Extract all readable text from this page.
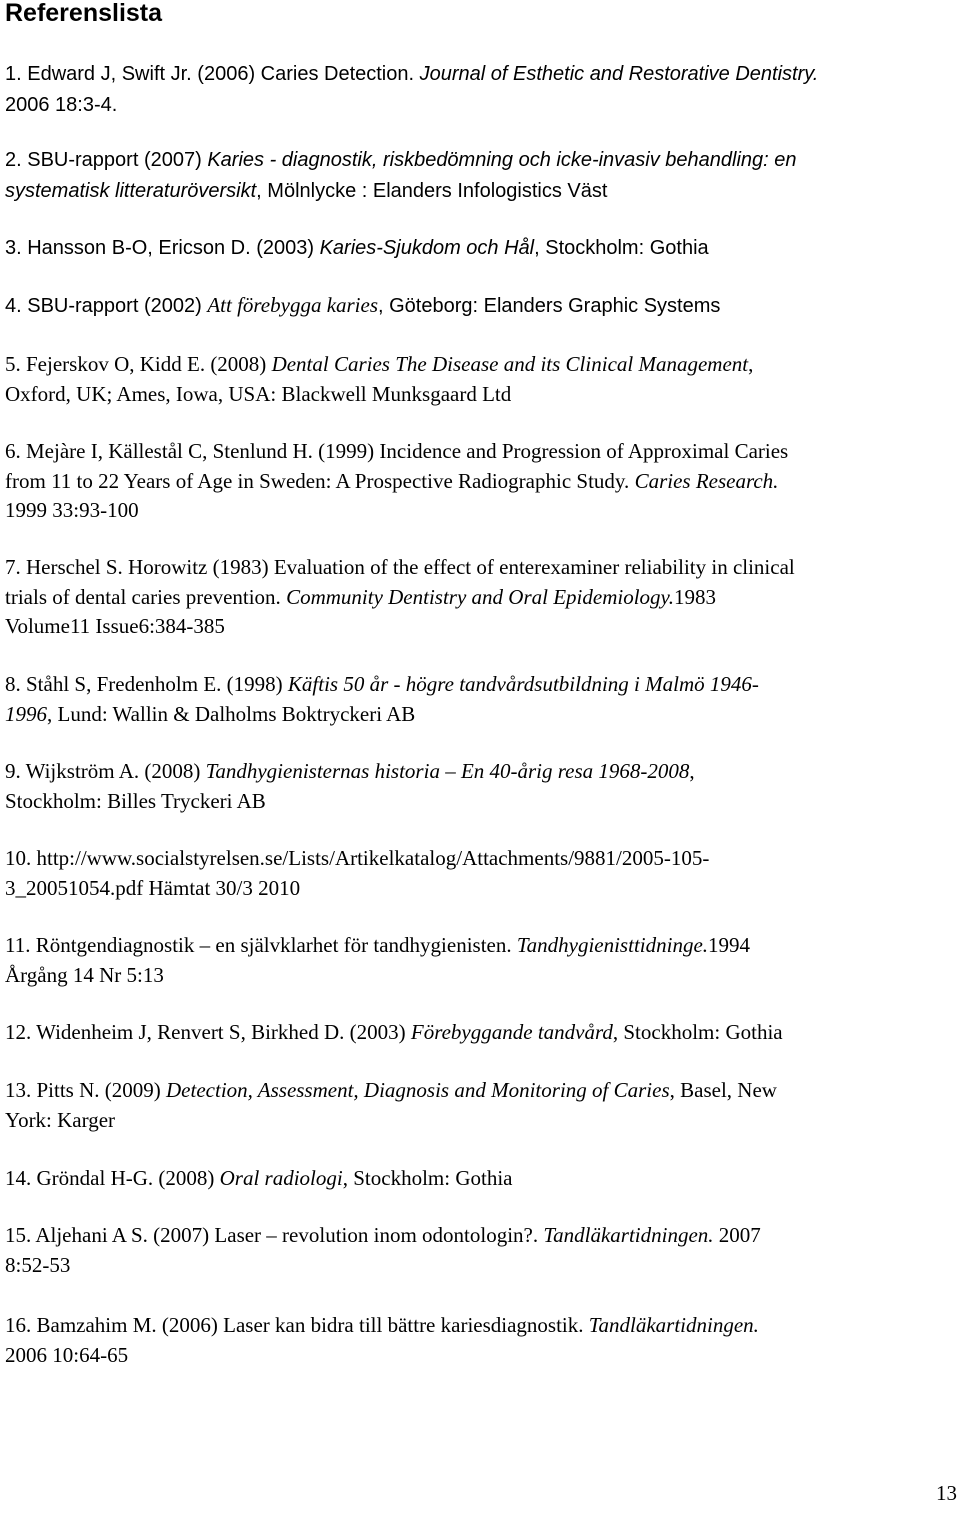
Referenslista
1. Edward J, Swift Jr. (2006) Caries Detection. Journal of Esthetic and Restorative Dentistry.
2006 18:3-4.
2. SBU-rapport (2007) Karies - diagnostik, riskbedömning och icke-invasiv behandling: en
systematisk litteraturöversikt, Mölnlycke : Elanders Infologistics Väst
3. Hansson B-O, Ericson D. (2003) Karies-Sjukdom och Hål, Stockholm: Gothia
4. SBU-rapport (2002) Att förebygga karies, Göteborg: Elanders Graphic Systems
5. Fejerskov O, Kidd E. (2008) Dental Caries The Disease and its Clinical Management,
Oxford, UK; Ames, Iowa, USA: Blackwell Munksgaard Ltd
6. Mejàre I, Källestål C, Stenlund H. (1999) Incidence and Progression of Approximal Caries
from 11 to 22 Years of Age in Sweden: A Prospective Radiographic Study. Caries Research.
1999 33:93-100
7. Herschel S. Horowitz (1983) Evaluation of the effect of enterexaminer reliability in clinical
trials of dental caries prevention. Community Dentistry and Oral Epidemiology.1983
Volume11 Issue6:384-385
8. Ståhl S, Fredenholm E. (1998) Käftis 50 år - högre tandvårdsutbildning i Malmö 1946-
1996, Lund: Wallin & Dalholms Boktryckeri AB
9. Wijkström A. (2008) Tandhygienisternas historia – En 40-årig resa 1968-2008,
Stockholm: Billes Tryckeri AB
10. http://www.socialstyrelsen.se/Lists/Artikelkatalog/Attachments/9881/2005-105-
3_20051054.pdf Hämtat 30/3 2010
11. Röntgendiagnostik – en självklarhet för tandhygienisten. Tandhygienisttidninge.1994
Årgång 14 Nr 5:13
12. Widenheim J, Renvert S, Birkhed D. (2003) Förebyggande tandvård, Stockholm: Gothia
13. Pitts N. (2009) Detection, Assessment, Diagnosis and Monitoring of Caries, Basel, New
York: Karger
14. Gröndal H-G. (2008) Oral radiologi, Stockholm: Gothia
15. Aljehani A S. (2007) Laser – revolution inom odontologin?. Tandläkartidningen. 2007
8:52-53
16. Bamzahim M. (2006) Laser kan bidra till bättre kariesdiagnostik. Tandläkartidningen.
2006 10:64-65
13
